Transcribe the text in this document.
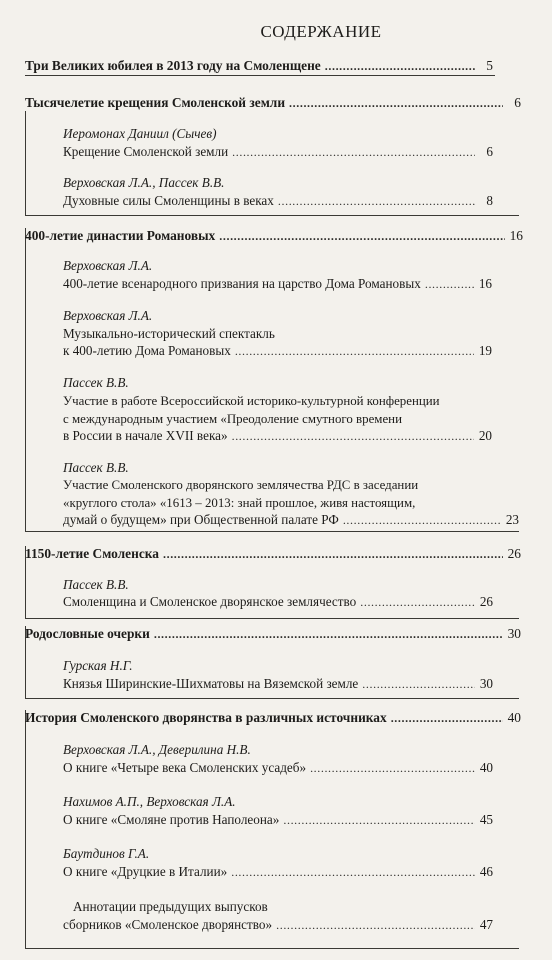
СОДЕРЖАНИЕ
Три Великих юбилея в 2013 году на Смоленщене .....	5
Тысячелетие крещения Смоленской земли .....	6
Иеромонах Даниил (Сычев)
Крещение Смоленской земли .....	6
Верховская Л.А., Пассек В.В.
Духовные силы Смоленщины в веках .....	8
400-летие династии Романовых .....	16
Верховская Л.А.
400-летие всенародного призвания на царство Дома Романовых .....	16
Верховская Л.А.
Музыкально-исторический спектакль
к 400-летию Дома Романовых .....	19
Пассек В.В.
Участие в работе Всероссийской историко-культурной конференции
с международным участием «Преодоление смутного времени
в России в начале XVII века» .....	20
Пассек В.В.
Участие Смоленского дворянского землячества РДС в заседании
«круглого стола» «1613 – 2013: знай прошлое, живя настоящим,
думай о будущем» при Общественной палате РФ .....	23
1150-летие Смоленска .....	26
Пассек В.В.
Смоленщина и Смоленское дворянское землячество .....	26
Родословные очерки .....	30
Гурская Н.Г.
Князья Ширинские-Шихматовы на Вяземской земле .....	30
История Смоленского дворянства в различных источниках .....	40
Верховская Л.А., Деверилина Н.В.
О книге «Четыре века Смоленских усадеб» .....	40
Нахимов А.П., Верховская Л.А.
О книге «Смоляне против Наполеона» .....	45
Баутдинов Г.А.
О книге «Друцкие в Италии» .....	46
Аннотации предыдущих выпусков
сборников «Смоленское дворянство» .....	47
